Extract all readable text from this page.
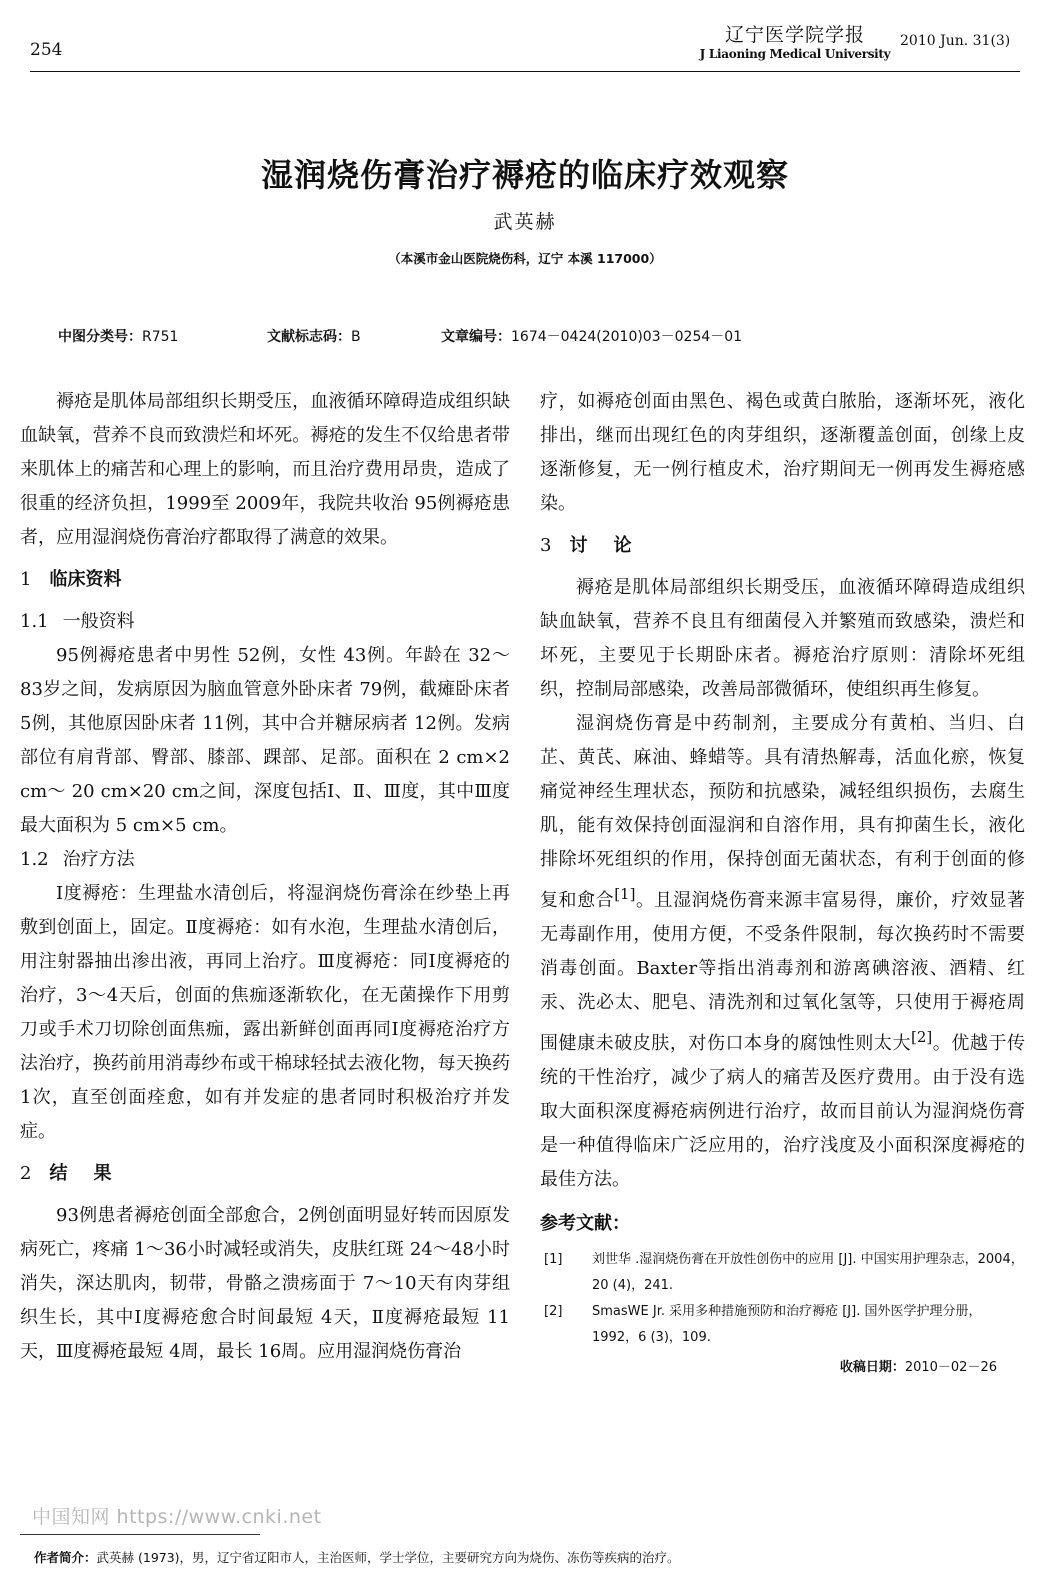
254
辽宁医学院学报
J Liaoning Medical University
2010 Jun. 31(3)
湿润烧伤膏治疗褥疮的临床疗效观察
武英赫
（本溪市金山医院烧伤科，辽宁 本溪 117000）
中图分类号：R751	文献标志码：B	文章编号：1674－0424(2010)03－0254－01

褥疮是肌体局部组织长期受压，血液循环障碍造成组织缺血缺氧，营养不良而致溃烂和坏死。褥疮的发生不仅给患者带来肌体上的痛苦和心理上的影响，而且治疗费用昂贵，造成了很重的经济负担，1999至 2009年，我院共收治 95例褥疮患者，应用湿润烧伤膏治疗都取得了满意的效果。

1 临床资料

1.1 一般资料

95例褥疮患者中男性 52例，女性 43例。年龄在 32～ 83岁之间，发病原因为脑血管意外卧床者 79例，截瘫卧床者 5例，其他原因卧床者 11例，其中合并糖尿病者 12例。发病部位有肩背部、臀部、膝部、踝部、足部。面积在 2 cm×2 cm～ 20 cm×20 cm之间，深度包括Ⅰ、Ⅱ、Ⅲ度，其中Ⅲ度最大面积为 5 cm×5 cm。

1.2 治疗方法

Ⅰ度褥疮：生理盐水清创后，将湿润烧伤膏涂在纱垫上再敷到创面上，固定。Ⅱ度褥疮：如有水泡，生理盐水清创后，用注射器抽出渗出液，再同上治疗。Ⅲ度褥疮：同Ⅰ度褥疮的治疗，3～4天后，创面的焦痂逐渐软化，在无菌操作下用剪刀或手术刀切除创面焦痂，露出新鲜创面再同Ⅰ度褥疮治疗方法治疗，换药前用消毒纱布或干棉球轻拭去液化物，每天换药 1次，直至创面痊愈，如有并发症的患者同时积极治疗并发症。

2 结果

93例患者褥疮创面全部愈合，2例创面明显好转而因原发病死亡，疼痛 1～36小时减轻或消失，皮肤红斑 24～48小时消失，深达肌肉，韧带，骨骼之溃疡面于 7～10天有肉芽组织生长，其中Ⅰ度褥疮愈合时间最短 4天，Ⅱ度褥疮最短 11天，Ⅲ度褥疮最短 4周，最长 16周。应用湿润烧伤膏治

疗，如褥疮创面由黑色、褐色或黄白脓胎，逐渐坏死，液化排出，继而出现红色的肉芽组织，逐渐覆盖创面，创缘上皮逐渐修复，无一例行植皮术，治疗期间无一例再发生褥疮感染。

3 讨论

褥疮是肌体局部组织长期受压，血液循环障碍造成组织缺血缺氧，营养不良且有细菌侵入并繁殖而致感染，溃烂和坏死，主要见于长期卧床者。褥疮治疗原则：清除坏死组织，控制局部感染，改善局部微循环，使组织再生修复。

湿润烧伤膏是中药制剂，主要成分有黄柏、当归、白芷、黄芪、麻油、蜂蜡等。具有清热解毒，活血化瘀，恢复痛觉神经生理状态，预防和抗感染，减轻组织损伤，去腐生肌，能有效保持创面湿润和自溶作用，具有抑菌生长，液化排除坏死组织的作用，保持创面无菌状态，有利于创面的修复和愈合[1]。且湿润烧伤膏来源丰富易得，廉价，疗效显著无毒副作用，使用方便，不受条件限制，每次换药时不需要消毒创面。Baxter等指出消毒剂和游离碘溶液、酒精、红汞、洗必太、肥皂、清洗剂和过氧化氢等，只使用于褥疮周围健康未破皮肤，对伤口本身的腐蚀性则太大[2]。优越于传统的干性治疗，减少了病人的痛苦及医疗费用。由于没有选取大面积深度褥疮病例进行治疗，故而目前认为湿润烧伤膏是一种值得临床广泛应用的，治疗浅度及小面积深度褥疮的最佳方法。

参考文献：

[1]	刘世华 .湿润烧伤膏在开放性创伤中的应用 [J]. 中国实用护理杂志，2004，20 (4)，241.
[2]	SmasWE Jr. 采用多种措施预防和治疗褥疮 [J]. 国外医学护理分册，1992，6 (3)，109.
收稿日期：2010－02－26
中国知网 https://www.cnki.net
作者简介：武英赫 (1973)，男，辽宁省辽阳市人，主治医师，学士学位，主要研究方向为烧伤、冻伤等疾病的治疗。
